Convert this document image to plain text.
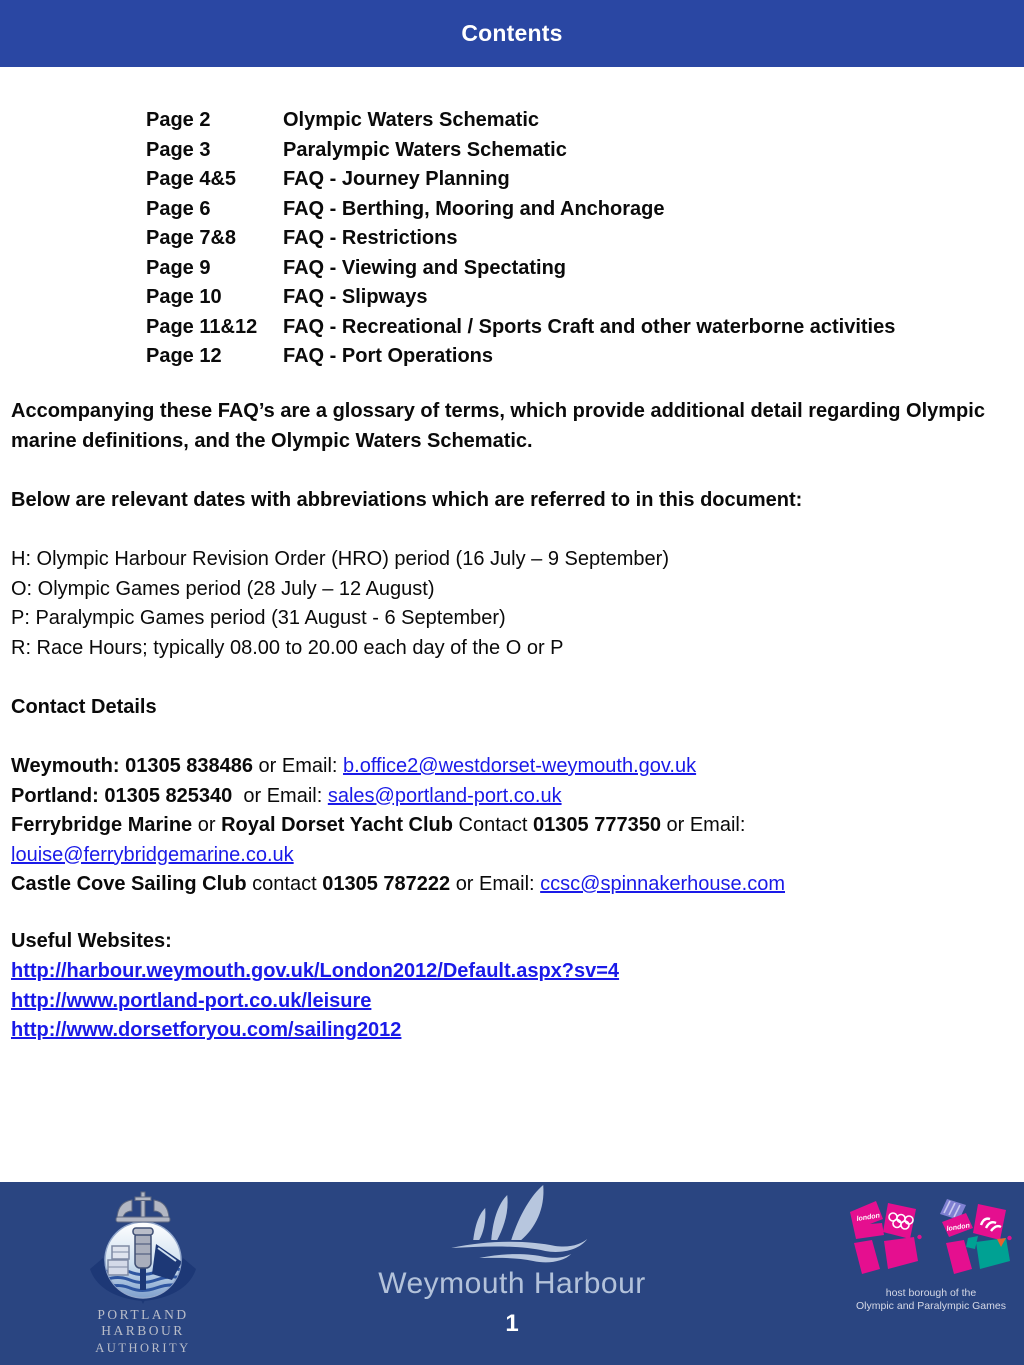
Contents
Page 2	Olympic Waters Schematic
Page 3	Paralympic Waters Schematic
Page 4&5	FAQ - Journey Planning
Page 6	FAQ - Berthing, Mooring and Anchorage
Page 7&8	FAQ - Restrictions
Page 9	FAQ - Viewing and Spectating
Page 10	FAQ - Slipways
Page 11&12	FAQ - Recreational / Sports Craft and other waterborne activities
Page 12	FAQ - Port Operations
Accompanying these FAQ’s are a glossary of terms, which provide additional detail regarding Olympic marine definitions, and the Olympic Waters Schematic.
Below are relevant dates with abbreviations which are referred to in this document:
H: Olympic Harbour Revision Order (HRO) period (16 July – 9 September)
O: Olympic Games period (28 July – 12 August)
P: Paralympic Games period (31 August - 6 September)
R: Race Hours; typically 08.00 to 20.00 each day of the O or P
Contact Details
Weymouth: 01305 838486 or Email: b.office2@westdorset-weymouth.gov.uk
Portland: 01305 825340  or Email: sales@portland-port.co.uk
Ferrybridge Marine or Royal Dorset Yacht Club Contact 01305 777350 or Email:
louise@ferrybridgemarine.co.uk
Castle Cove Sailing Club contact 01305 787222 or Email: ccsc@spinnakerhouse.com
Useful Websites:
http://harbour.weymouth.gov.uk/London2012/Default.aspx?sv=4
http://www.portland-port.co.uk/leisure
http://www.dorsetforyou.com/sailing2012
PORTLAND HARBOUR
AUTHORITY
Weymouth Harbour
1
london
london
host borough of the
Olympic and Paralympic Games
